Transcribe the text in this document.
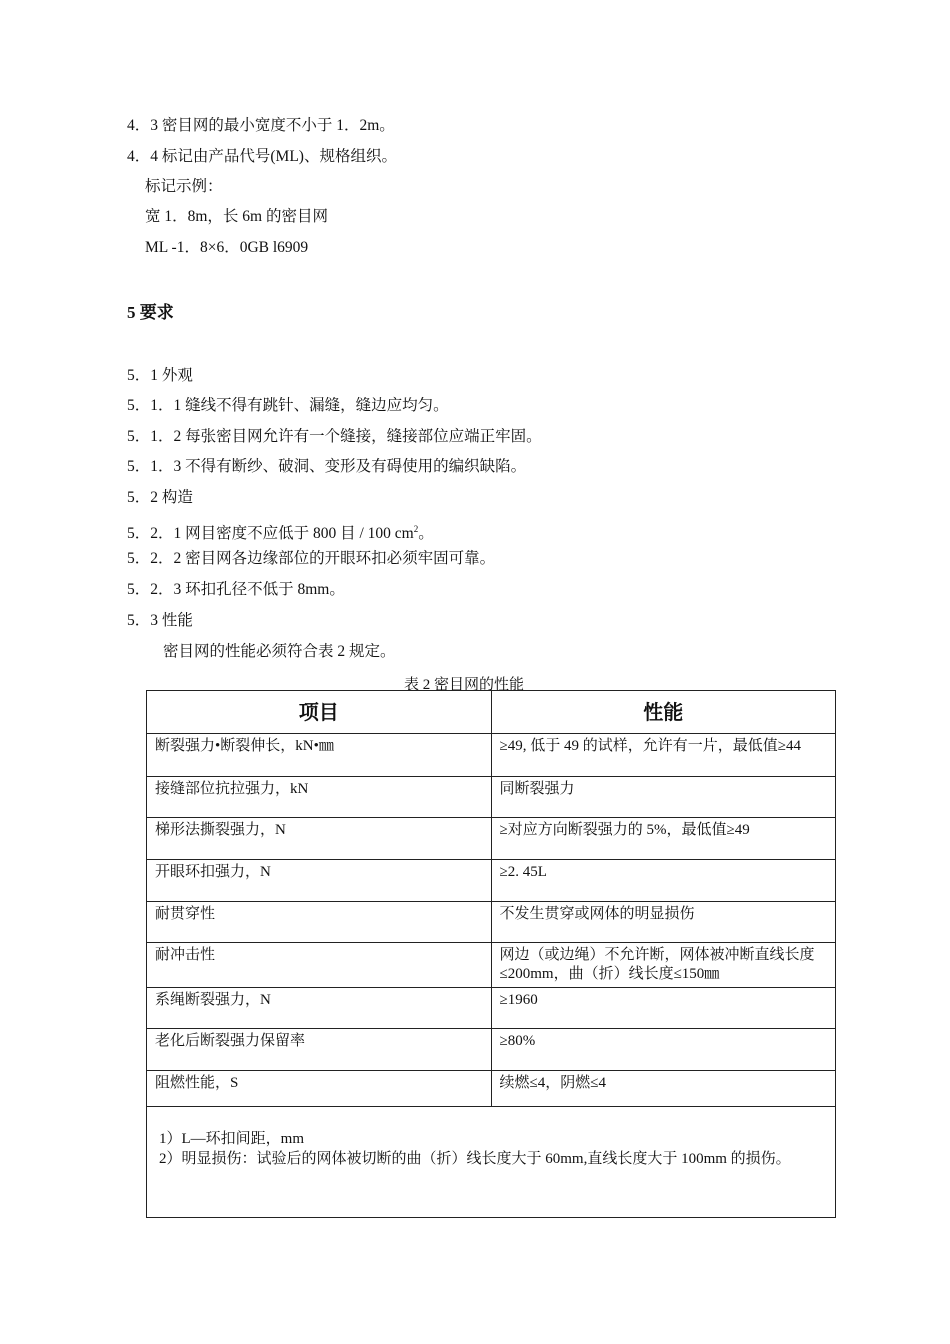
4．3 密目网的最小宽度不小于 1．2m。
4．4 标记由产品代号(ML)、规格组织。
标记示例：
宽 1．8m，长 6m 的密目网
ML -1．8×6．0GB l6909
5 要求
5．1 外观
5．1．1 缝线不得有跳针、漏缝，缝边应均匀。
5．1．2 每张密目网允许有一个缝接，缝接部位应端正牢固。
5．1．3 不得有断纱、破洞、变形及有碍使用的编织缺陷。
5．2 构造
5．2．1 网目密度不应低于 800 目 / 100 $cm^2$。
5．2．2 密目网各边缘部位的开眼环扣必须牢固可靠。
5．2．3 环扣孔径不低于 8mm。
5．3 性能
密目网的性能必须符合表 2 规定。
表 2 密目网的性能
项目	性能
断裂强力•断裂伸长，kN•㎜	≥49, 低于 49 的试样，允许有一片，最低值≥44
接缝部位抗拉强力，kN	同断裂强力
梯形法撕裂强力，N	≥对应方向断裂强力的 5%，最低值≥49
开眼环扣强力，N	≥2. 45L
耐贯穿性	不发生贯穿或网体的明显损伤
耐冲击性	网边（或边绳）不允许断，网体被冲断直线长度≤200mm，曲（折）线长度≤150㎜
系绳断裂强力，N	≥1960
老化后断裂强力保留率	≥80%
阻燃性能，S	续燃≤4，阴燃≤4

1）L—环扣间距，mm
2）明显损伤：试验后的网体被切断的曲（折）线长度大于 60mm,直线长度大于 100mm 的损伤。	
